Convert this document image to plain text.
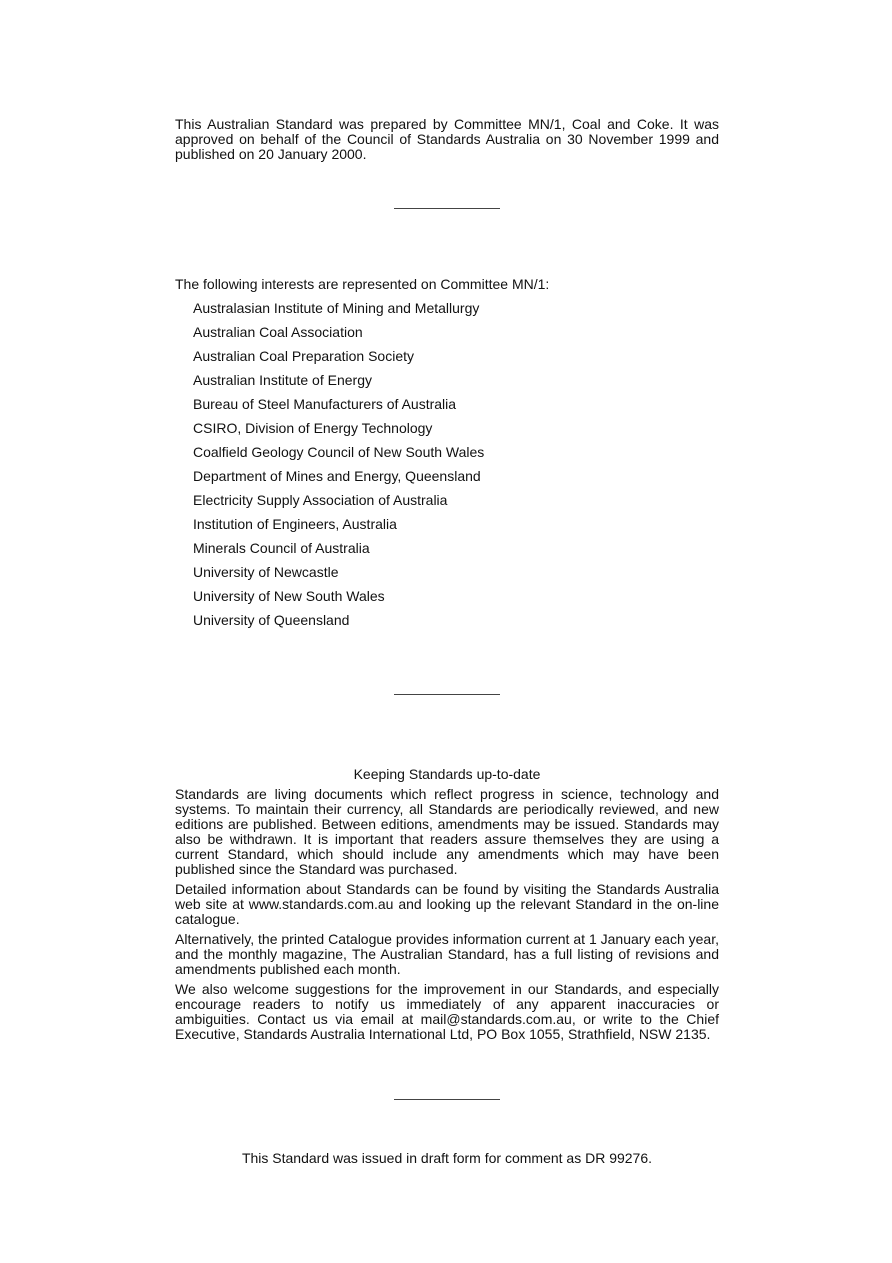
This Australian Standard was prepared by Committee MN/1, Coal and Coke. It was approved on behalf of the Council of Standards Australia on 30 November 1999 and published on 20 January 2000.

The following interests are represented on Committee MN/1:
Australasian Institute of Mining and Metallurgy
Australian Coal Association
Australian Coal Preparation Society
Australian Institute of Energy
Bureau of Steel Manufacturers of Australia
CSIRO, Division of Energy Technology
Coalfield Geology Council of New South Wales
Department of Mines and Energy, Queensland
Electricity Supply Association of Australia
Institution of Engineers, Australia
Minerals Council of Australia
University of Newcastle
University of New South Wales
University of Queensland
Keeping Standards up-to-date

Standards are living documents which reflect progress in science, technology and systems. To maintain their currency, all Standards are periodically reviewed, and new editions are published. Between editions, amendments may be issued. Standards may also be withdrawn. It is important that readers assure themselves they are using a current Standard, which should include any amendments which may have been published since the Standard was purchased.

Detailed information about Standards can be found by visiting the Standards Australia web site at www.standards.com.au and looking up the relevant Standard in the on-line catalogue.

Alternatively, the printed Catalogue provides information current at 1 January each year, and the monthly magazine, The Australian Standard, has a full listing of revisions and amendments published each month.

We also welcome suggestions for the improvement in our Standards, and especially encourage readers to notify us immediately of any apparent inaccuracies or ambiguities. Contact us via email at mail@standards.com.au, or write to the Chief Executive, Standards Australia International Ltd, PO Box 1055, Strathfield, NSW 2135.

This Standard was issued in draft form for comment as DR 99276.
